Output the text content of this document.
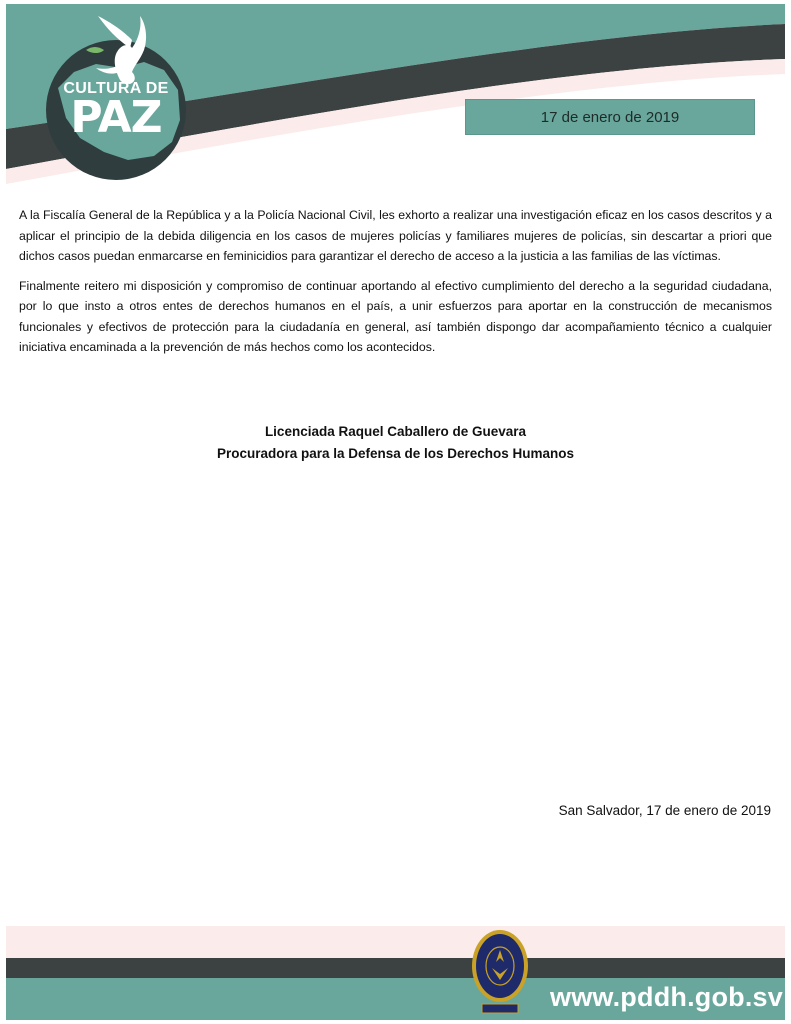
CULTURA DE
PAZ	17 de enero de 2019

A la Fiscalía General de la República y a la Policía Nacional Civil, les exhorto a realizar una investigación eficaz en los casos descritos y a aplicar el principio de la debida diligencia en los casos de mujeres policías y familiares mujeres de policías, sin descartar a priori que dichos casos puedan enmarcarse en feminicidios para garantizar el derecho de acceso a la justicia a las familias de las víctimas.

Finalmente reitero mi disposición y compromiso de continuar aportando al efectivo cumplimiento del derecho a la seguridad ciudadana, por lo que insto a otros entes de derechos humanos en el país, a unir esfuerzos para aportar en la construcción de mecanismos funcionales y efectivos de protección para la ciudadanía en general, así también dispongo dar acompañamiento técnico a cualquier iniciativa encaminada a la prevención de más hechos como los acontecidos.

Licenciada Raquel Caballero de Guevara
Procuradora para la Defensa de los Derechos Humanos
San Salvador, 17 de enero de 2019
www.pddh.gob.sv
